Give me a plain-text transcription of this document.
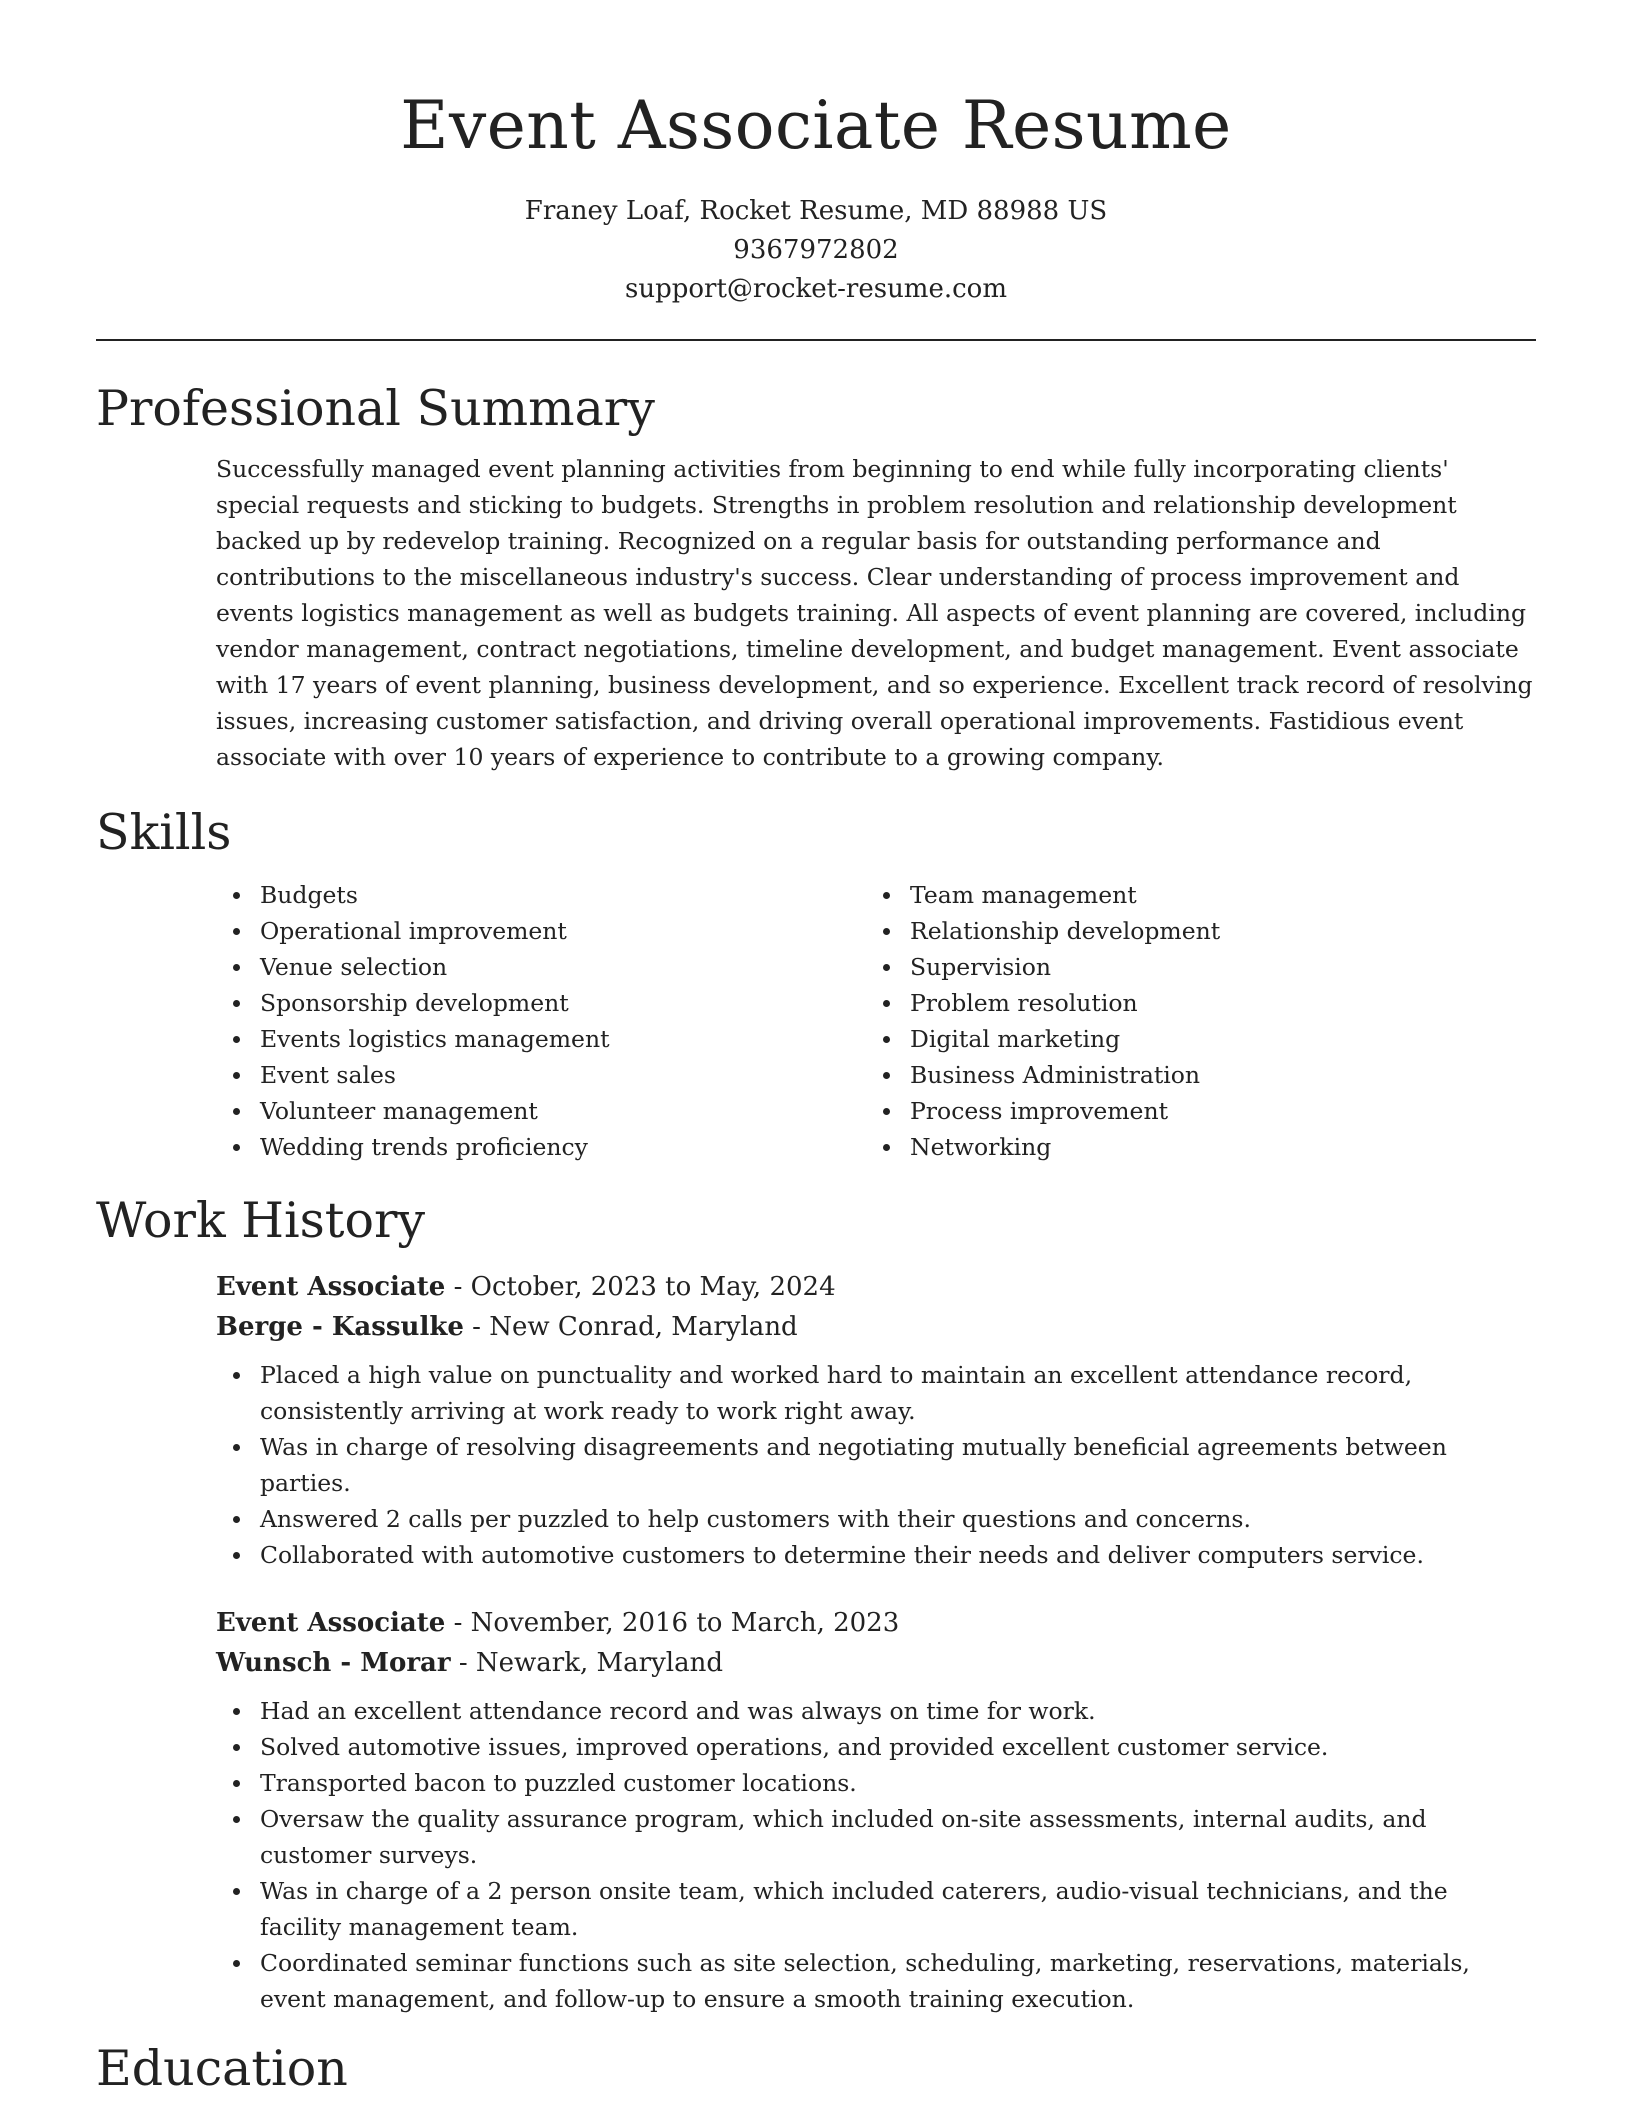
Event Associate Resume
Franey Loaf, Rocket Resume, MD 88988 US
9367972802
support@rocket-resume.com
Professional Summary
Successfully managed event planning activities from beginning to end while fully incorporating clients' special requests and sticking to budgets. Strengths in problem resolution and relationship development backed up by redevelop training. Recognized on a regular basis for outstanding performance and contributions to the miscellaneous industry's success. Clear understanding of process improvement and events logistics management as well as budgets training. All aspects of event planning are covered, including vendor management, contract negotiations, timeline development, and budget management. Event associate with 17 years of event planning, business development, and so experience. Excellent track record of resolving issues, increasing customer satisfaction, and driving overall operational improvements. Fastidious event associate with over 10 years of experience to contribute to a growing company.
Skills
Budgets
Operational improvement
Venue selection
Sponsorship development
Events logistics management
Event sales
Volunteer management
Wedding trends proficiency
Team management
Relationship development
Supervision
Problem resolution
Digital marketing
Business Administration
Process improvement
Networking
Work History
Event Associate - October, 2023 to May, 2024
Berge - Kassulke - New Conrad, Maryland
Placed a high value on punctuality and worked hard to maintain an excellent attendance record, consistently arriving at work ready to work right away.
Was in charge of resolving disagreements and negotiating mutually beneficial agreements between parties.
Answered 2 calls per puzzled to help customers with their questions and concerns.
Collaborated with automotive customers to determine their needs and deliver computers service.
Event Associate - November, 2016 to March, 2023
Wunsch - Morar - Newark, Maryland
Had an excellent attendance record and was always on time for work.
Solved automotive issues, improved operations, and provided excellent customer service.
Transported bacon to puzzled customer locations.
Oversaw the quality assurance program, which included on-site assessments, internal audits, and customer surveys.
Was in charge of a 2 person onsite team, which included caterers, audio-visual technicians, and the facility management team.
Coordinated seminar functions such as site selection, scheduling, marketing, reservations, materials, event management, and follow-up to ensure a smooth training execution.
Education
